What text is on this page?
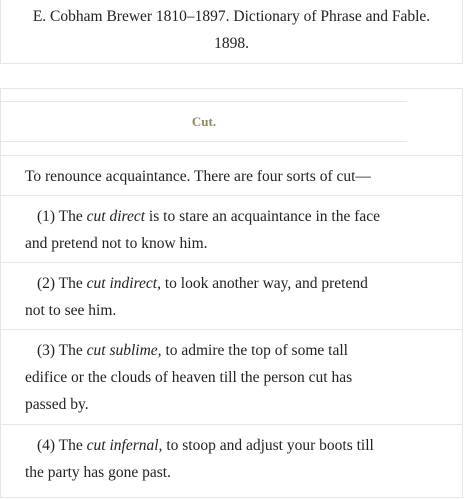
E. Cobham Brewer 1810–1897. Dictionary of Phrase and Fable.
1898.
Cut.
To renounce acquaintance. There are four sorts of cut—
(1) The cut direct is to stare an acquaintance in the face
and pretend not to know him.
(2) The cut indirect, to look another way, and pretend
not to see him.
(3) The cut sublime, to admire the top of some tall
edifice or the clouds of heaven till the person cut has
passed by.
(4) The cut infernal, to stoop and adjust your boots till
the party has gone past.
